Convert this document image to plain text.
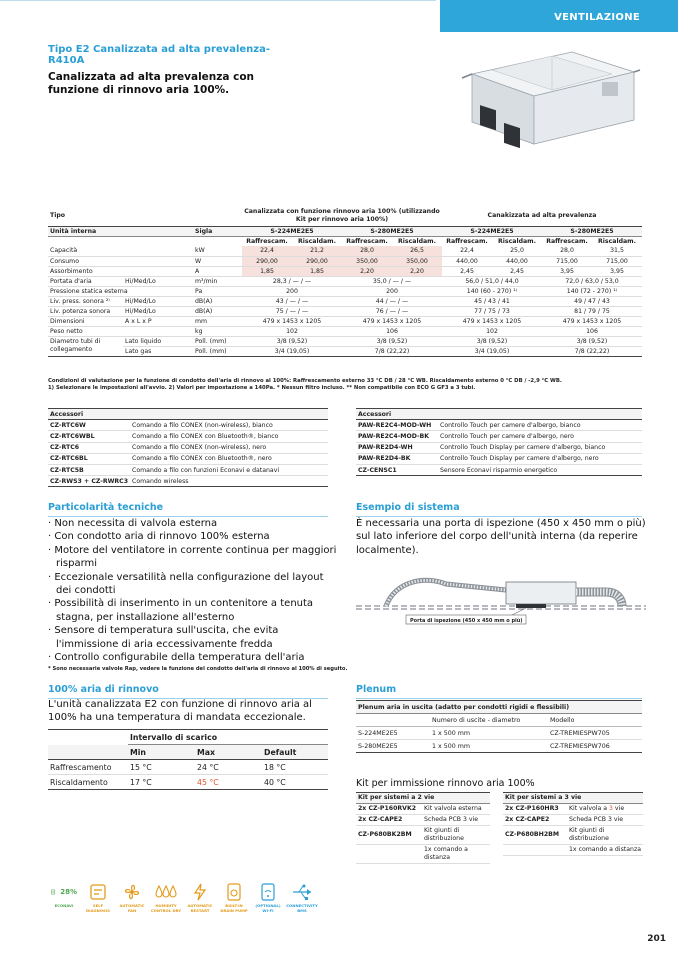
VENTILAZIONE
Tipo E2 Canalizzata ad alta prevalenza- R410A
Canalizzata ad alta prevalenza con funzione di rinnovo aria 100%.
Tipo			Canalizzata con funzione rinnovo aria 100% (utilizzando Kit per rinnovo aria 100%)				Canakizzata ad alta prevalenza			
Unità interna		Sigla	S-224ME2E5		S-280ME2E5		S-224ME2E5		S-280ME2E5	
			Raffrescam.	Riscaldam.	Raffrescam.	Riscaldam.	Raffrescam.	Riscaldam.	Raffrescam.	Riscaldam.
Capacità		kW	22,4	21,2	28,0	26,5	22,4	25,0	28,0	31,5
Consumo		W	290,00	290,00	350,00	350,00	440,00	440,00	715,00	715,00
Assorbimento		A	1,85	1,85	2,20	2,20	2,45	2,45	3,95	3,95
Portata d'aria	Hi/Med/Lo	m³/min	28,3 / — / —		35,0 / — / —		56,0 / 51,0 / 44,0		72,0 / 63,0 / 53,0	
Pressione statica esterna		Pa	200		200		140 (60 - 270) ¹⁾		140 (72 - 270) ¹⁾	
Liv. press. sonora ²⁾	Hi/Med/Lo	dB(A)	43 / — / —		44 / — / —		45 / 43 / 41		49 / 47 / 43	
Liv. potenza sonora	Hi/Med/Lo	dB(A)	75 / — / —		76 / — / —		77 / 75 / 73		81 / 79 / 75	
Dimensioni	A x L x P	mm	479 x 1453 x 1205		479 x 1453 x 1205		479 x 1453 x 1205		479 x 1453 x 1205	
Peso netto		kg	102		106		102		106	
Diametro tubi di collegamento	Lato liquido	Poll. (mm)	3/8 (9,52)		3/8 (9,52)		3/8 (9,52)		3/8 (9,52)	
	Lato gas	Poll. (mm)	3/4 (19,05)		7/8 (22,22)		3/4 (19,05)		7/8 (22,22)	
Condizioni di valutazione per la funzione di condotto dell'aria di rinnovo al 100%: Raffrescamento esterno 33 °C DB / 28 °C WB. Riscaldamento esterno 0 °C DB / -2,9 °C WB.
1) Selezionare le impostazioni all'avvio. 2) Valori per impostazione a 140Pa. * Nessun filtro incluso. ** Non compatibile con ECO G GF3 a 3 tubi.
Accessori	
CZ-RTC6W	Comando a filo CONEX (non-wireless), bianco
CZ-RTC6WBL	Comando a filo CONEX con Bluetooth®, bianco
CZ-RTC6	Comando a filo CONEX (non-wireless), nero
CZ-RTC6BL	Comando a filo CONEX con Bluetooth®, nero
CZ-RTC5B	Comando a filo con funzioni Econavi e datanavi
CZ-RWS3 + CZ-RWRC3	Comando wireless
Accessori	
PAW-RE2C4-MOD-WH	Controllo Touch per camere d'albergo, bianco
PAW-RE2C4-MOD-BK	Controllo Touch per camere d'albergo, nero
PAW-RE2D4-WH	Controllo Touch Display per camere d'albergo, bianco
PAW-RE2D4-BK	Controllo Touch Display per camere d'albergo, nero
CZ-CENSC1	Sensore Econavi risparmio energetico
Particolarità tecniche
· Non necessita di valvola esterna
· Con condotto aria di rinnovo 100% esterna
· Motore del ventilatore in corrente continua per maggiori risparmi
· Eccezionale versatilità nella configurazione del layout dei condotti
· Possibilità di inserimento in un contenitore a tenuta stagna, per installazione all'esterno
· Sensore di temperatura sull'uscita, che evita l'immissione di aria eccessivamente fredda
· Controllo configurabile della temperatura dell'aria
* Sono necessarie valvole Rap, vedere la funzione del condotto dell'aria di rinnovo al 100% di seguito.
Esempio di sistema
È necessaria una porta di ispezione (450 x 450 mm o più) sul lato inferiore del corpo dell'unità interna (da reperire localmente).
Porta di ispezione (450 x 450 mm o più)
100% aria di rinnovo
L'unità canalizzata E2 con funzione di rinnovo aria al 100% ha una temperatura di mandata eccezionale.
	Intervallo di scarico		
	Min	Max	Default
Raffrescamento	15 °C	24 °C	18 °C
Riscaldamento	17 °C	45 °C	40 °C
Plenum
Plenum aria in uscita (adatto per condotti rigidi e flessibili)		
	Numero di uscite - diametro	Modello
S-224ME2E5	1 x 500 mm	CZ-TREMIESPW705
S-280ME2E5	1 x 500 mm	CZ-TREMIESPW706
Kit per immissione rinnovo aria 100%
Kit per sistemi a 2 vie	
2x CZ-P160RVK2	Kit valvola esterna
2x CZ-CAPE2	Scheda PCB 3 vie
CZ-P680BK2BM	Kit giunti di distribuzione
	1x comando a distanza
Kit per sistemi a 3 vie	
2x CZ-P160HR3	Kit valvola a 3 vie
2x CZ-CAPE2	Scheda PCB 3 vie
CZ-P680BH2BM	Kit giunti di distribuzione
	1x comando a distanza
28%
ECONAVI	SELF DIAGNOSIS
AUTOMATIC FAN
HUMIDITY CONTROL DRY
AUTOMATIC RESTART
BUILT-IN DRAIN PUMP
(OPTIONAL) WI-FI
CONNECTIVITY BMS
201
